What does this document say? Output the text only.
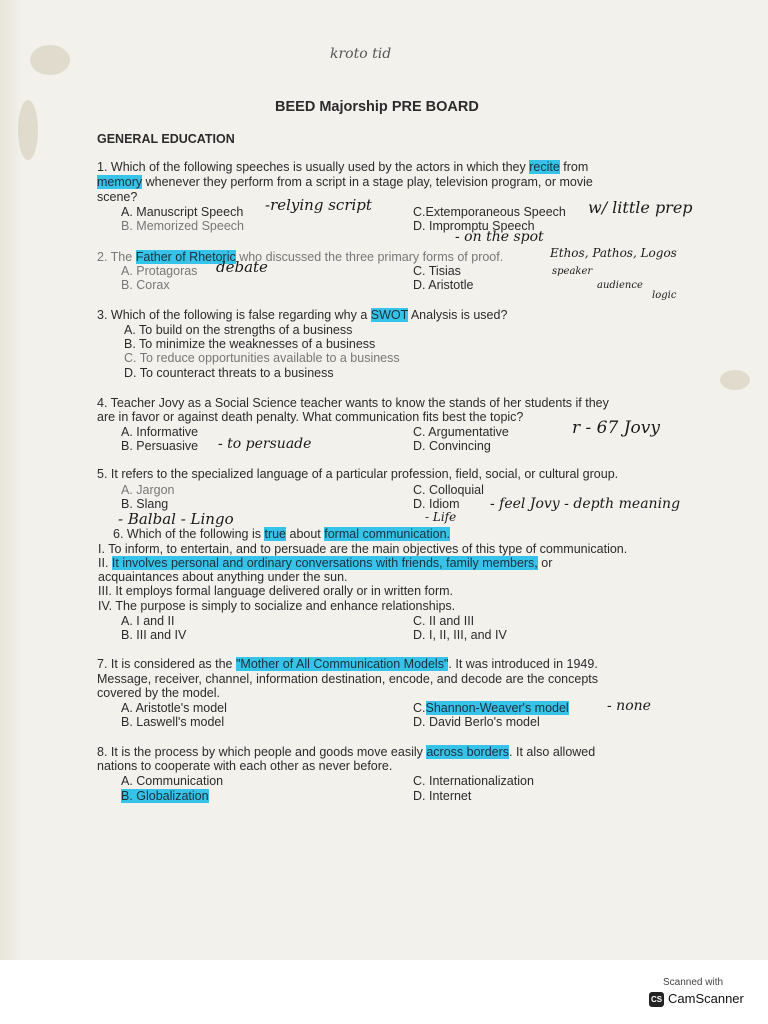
kroto tid
BEED Majorship PRE BOARD
GENERAL EDUCATION
1. Which of the following speeches is usually used by the actors in which they recite from
memory whenever they perform from a script in a stage play, television program, or movie
scene?
A. Manuscript Speech
B. Memorized Speech
C.Extemporaneous Speech
D. Impromptu Speech
-relying script	w/ little prep
- on the spot
2. The Father of Rhetoric who discussed the three primary forms of proof.
A. Protagoras
B. Corax
C. Tisias
D. Aristotle
debate
Ethos, Pathos, Logos
speaker
audience
logic
3. Which of the following is false regarding why a SWOT Analysis is used?
A. To build on the strengths of a business
B. To minimize the weaknesses of a business
C. To reduce opportunities available to a business
D. To counteract threats to a business
4. Teacher Jovy as a Social Science teacher wants to know the stands of her students if they
are in favor or against death penalty. What communication fits best the topic?
A. Informative
B. Persuasive
C. Argumentative
D. Convincing
r - 67 Jovy
- to persuade
5. It refers to the specialized language of a particular profession, field, social, or cultural group.
A. Jargon
B. Slang
C. Colloquial
D. Idiom - feel Jovy - depth meaning
- Balbal - Lingo	- Life
6. Which of the following is true about formal communication.
I. To inform, to entertain, and to persuade are the main objectives of this type of communication.
II. It involves personal and ordinary conversations with friends, family members, or
acquaintances about anything under the sun.
III. It employs formal language delivered orally or in written form.
IV. The purpose is simply to socialize and enhance relationships.
A. I and II
B. III and IV
C. II and III
D. I, II, III, and IV
7. It is considered as the "Mother of All Communication Models". It was introduced in 1949.
Message, receiver, channel, information destination, encode, and decode are the concepts
covered by the model.
A. Aristotle's model
B. Laswell's model
C.Shannon-Weaver's model
D. David Berlo's model
- none
8. It is the process by which people and goods move easily across borders. It also allowed
nations to cooperate with each other as never before.
A. Communication
B. Globalization
C. Internationalization
D. Internet
Scanned with
CS CamScanner
